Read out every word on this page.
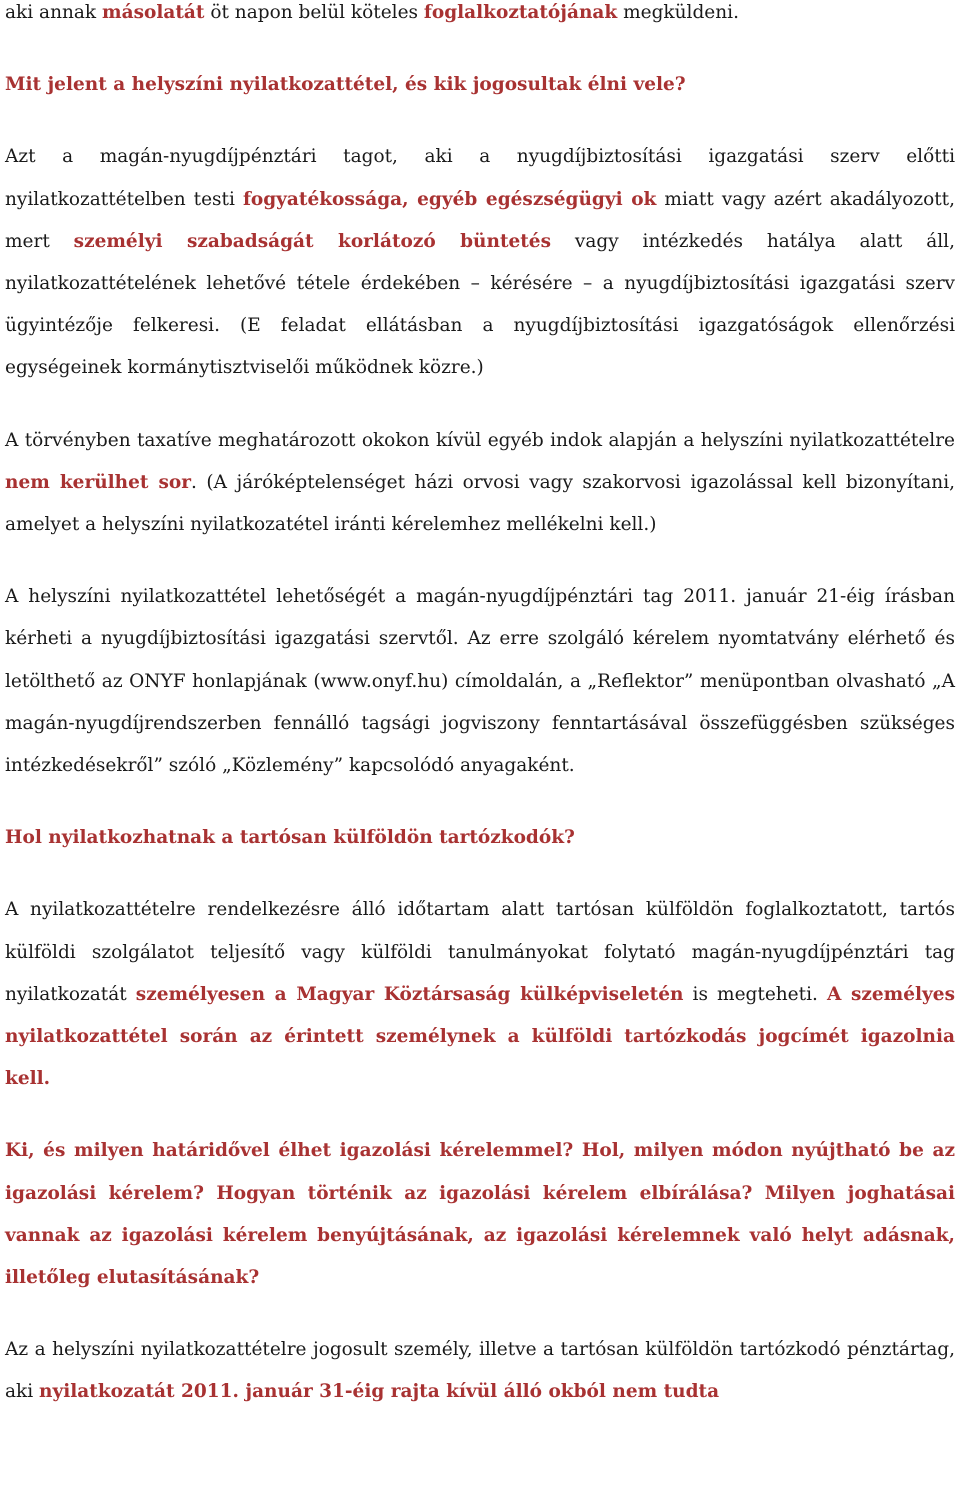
aki annak másolatát öt napon belül köteles foglalkoztatójának megküldeni.

Mit jelent a helyszíni nyilatkozattétel, és kik jogosultak élni vele?

Azt a magán-nyugdíjpénztári tagot, aki a nyugdíjbiztosítási igazgatási szerv előtti nyilatkozattételben testi fogyatékossága, egyéb egészségügyi ok miatt vagy azért akadályozott, mert személyi szabadságát korlátozó büntetés vagy intézkedés hatálya alatt áll, nyilatkozattételének lehetővé tétele érdekében – kérésére – a nyugdíjbiztosítási igazgatási szerv ügyintézője felkeresi. (E feladat ellátásban a nyugdíjbiztosítási igazgatóságok ellenőrzési egységeinek kormánytisztviselői működnek közre.)

A törvényben taxatíve meghatározott okokon kívül egyéb indok alapján a helyszíni nyilatkozattételre nem kerülhet sor. (A járóképtelenséget házi orvosi vagy szakorvosi igazolással kell bizonyítani, amelyet a helyszíni nyilatkozatétel iránti kérelemhez mellékelni kell.)

A helyszíni nyilatkozattétel lehetőségét a magán-nyugdíjpénztári tag 2011. január 21-éig írásban kérheti a nyugdíjbiztosítási igazgatási szervtől. Az erre szolgáló kérelem nyomtatvány elérhető és letölthető az ONYF honlapjának (www.onyf.hu) címoldalán, a „Reflektor” menüpontban olvasható „A magán-nyugdíjrendszerben fennálló tagsági jogviszony fenntartásával összefüggésben szükséges intézkedésekről” szóló „Közlemény” kapcsolódó anyagaként.

Hol nyilatkozhatnak a tartósan külföldön tartózkodók?

A nyilatkozattételre rendelkezésre álló időtartam alatt tartósan külföldön foglalkoztatott, tartós külföldi szolgálatot teljesítő vagy külföldi tanulmányokat folytató magán-nyugdíjpénztári tag nyilatkozatát személyesen a Magyar Köztársaság külképviseletén is megteheti. A személyes nyilatkozattétel során az érintett személynek a külföldi tartózkodás jogcímét igazolnia kell.

Ki, és milyen határidővel élhet igazolási kérelemmel? Hol, milyen módon nyújtható be az igazolási kérelem? Hogyan történik az igazolási kérelem elbírálása? Milyen joghatásai vannak az igazolási kérelem benyújtásának, az igazolási kérelemnek való helyt adásnak, illetőleg elutasításának?

Az a helyszíni nyilatkozattételre jogosult személy, illetve a tartósan külföldön tartózkodó pénztártag, aki nyilatkozatát 2011. január 31-éig rajta kívül álló okból nem tudta
